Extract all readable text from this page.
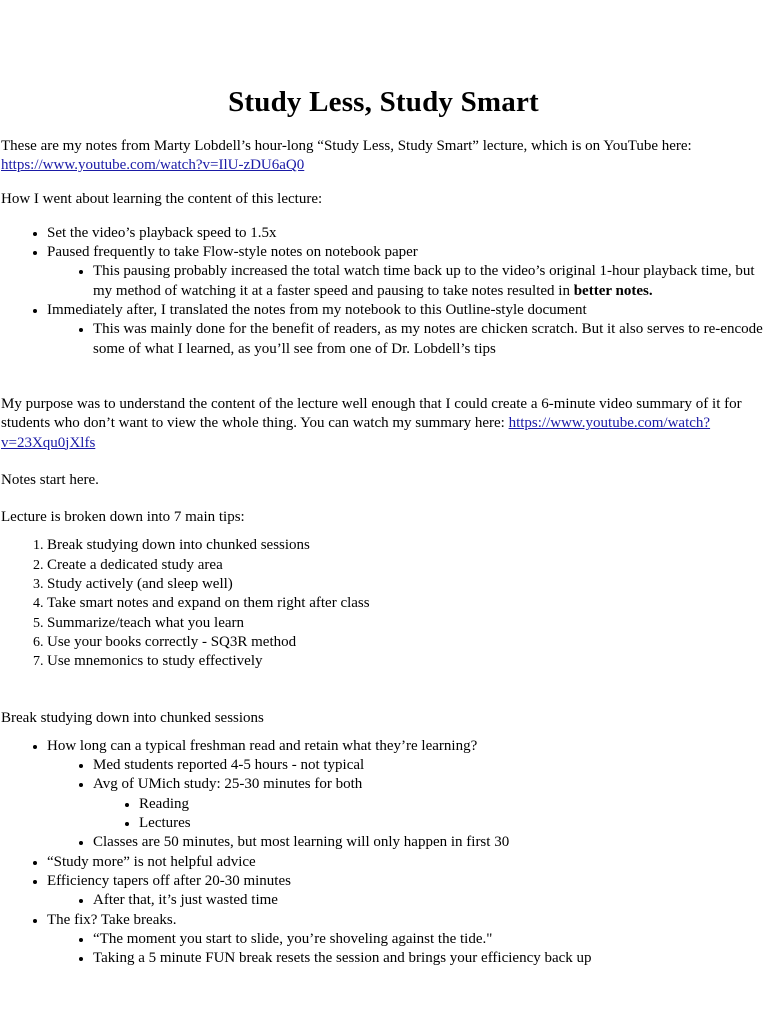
Study Less, Study Smart

These are my notes from Marty Lobdell’s hour-long “Study Less, Study Smart” lecture, which is on YouTube here: https://www.youtube.com/watch?v=IlU-zDU6aQ0

How I went about learning the content of this lecture:

• Set the video’s playback speed to 1.5x
• Paused frequently to take Flow-style notes on notebook paper
• This pausing probably increased the total watch time back up to the video’s original 1-hour playback time, but my method of watching it at a faster speed and pausing to take notes resulted in better notes.
• Immediately after, I translated the notes from my notebook to this Outline-style document
• This was mainly done for the benefit of readers, as my notes are chicken scratch. But it also serves to re-encode some of what I learned, as you’ll see from one of Dr. Lobdell’s tips

My purpose was to understand the content of the lecture well enough that I could create a 6-minute video summary of it for students who don’t want to view the whole thing. You can watch my summary here: https://www.youtube.com/watch?v=23Xqu0jXlfs

Notes start here.

Lecture is broken down into 7 main tips:

1. Break studying down into chunked sessions
2. Create a dedicated study area
3. Study actively (and sleep well)
4. Take smart notes and expand on them right after class
5. Summarize/teach what you learn
6. Use your books correctly - SQ3R method
7. Use mnemonics to study effectively

Break studying down into chunked sessions

• How long can a typical freshman read and retain what they’re learning?
• Med students reported 4-5 hours - not typical
• Avg of UMich study: 25-30 minutes for both
• Reading
• Lectures
• Classes are 50 minutes, but most learning will only happen in first 30
• “Study more” is not helpful advice
• Efficiency tapers off after 20-30 minutes
• After that, it’s just wasted time
• The fix? Take breaks.
• “The moment you start to slide, you’re shoveling against the tide."
• Taking a 5 minute FUN break resets the session and brings your efficiency back up
